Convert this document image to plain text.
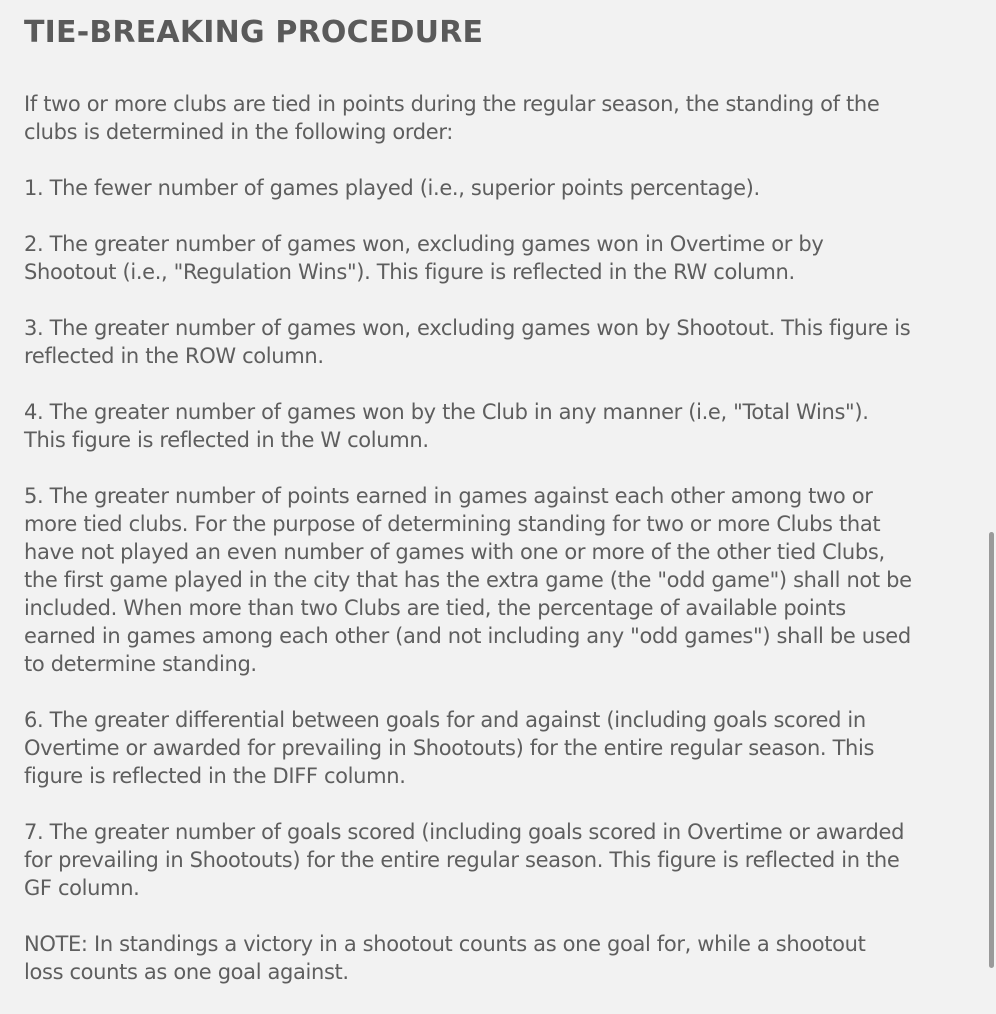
TIE-BREAKING PROCEDURE

If two or more clubs are tied in points during the regular season, the standing of the
clubs is determined in the following order:

1. The fewer number of games played (i.e., superior points percentage).

2. The greater number of games won, excluding games won in Overtime or by
Shootout (i.e., "Regulation Wins"). This figure is reflected in the RW column.

3. The greater number of games won, excluding games won by Shootout. This figure is
reflected in the ROW column.

4. The greater number of games won by the Club in any manner (i.e, "Total Wins").
This figure is reflected in the W column.

5. The greater number of points earned in games against each other among two or
more tied clubs. For the purpose of determining standing for two or more Clubs that
have not played an even number of games with one or more of the other tied Clubs,
the first game played in the city that has the extra game (the "odd game") shall not be
included. When more than two Clubs are tied, the percentage of available points
earned in games among each other (and not including any "odd games") shall be used
to determine standing.

6. The greater differential between goals for and against (including goals scored in
Overtime or awarded for prevailing in Shootouts) for the entire regular season. This
figure is reflected in the DIFF column.

7. The greater number of goals scored (including goals scored in Overtime or awarded
for prevailing in Shootouts) for the entire regular season. This figure is reflected in the
GF column.

NOTE: In standings a victory in a shootout counts as one goal for, while a shootout
loss counts as one goal against.
